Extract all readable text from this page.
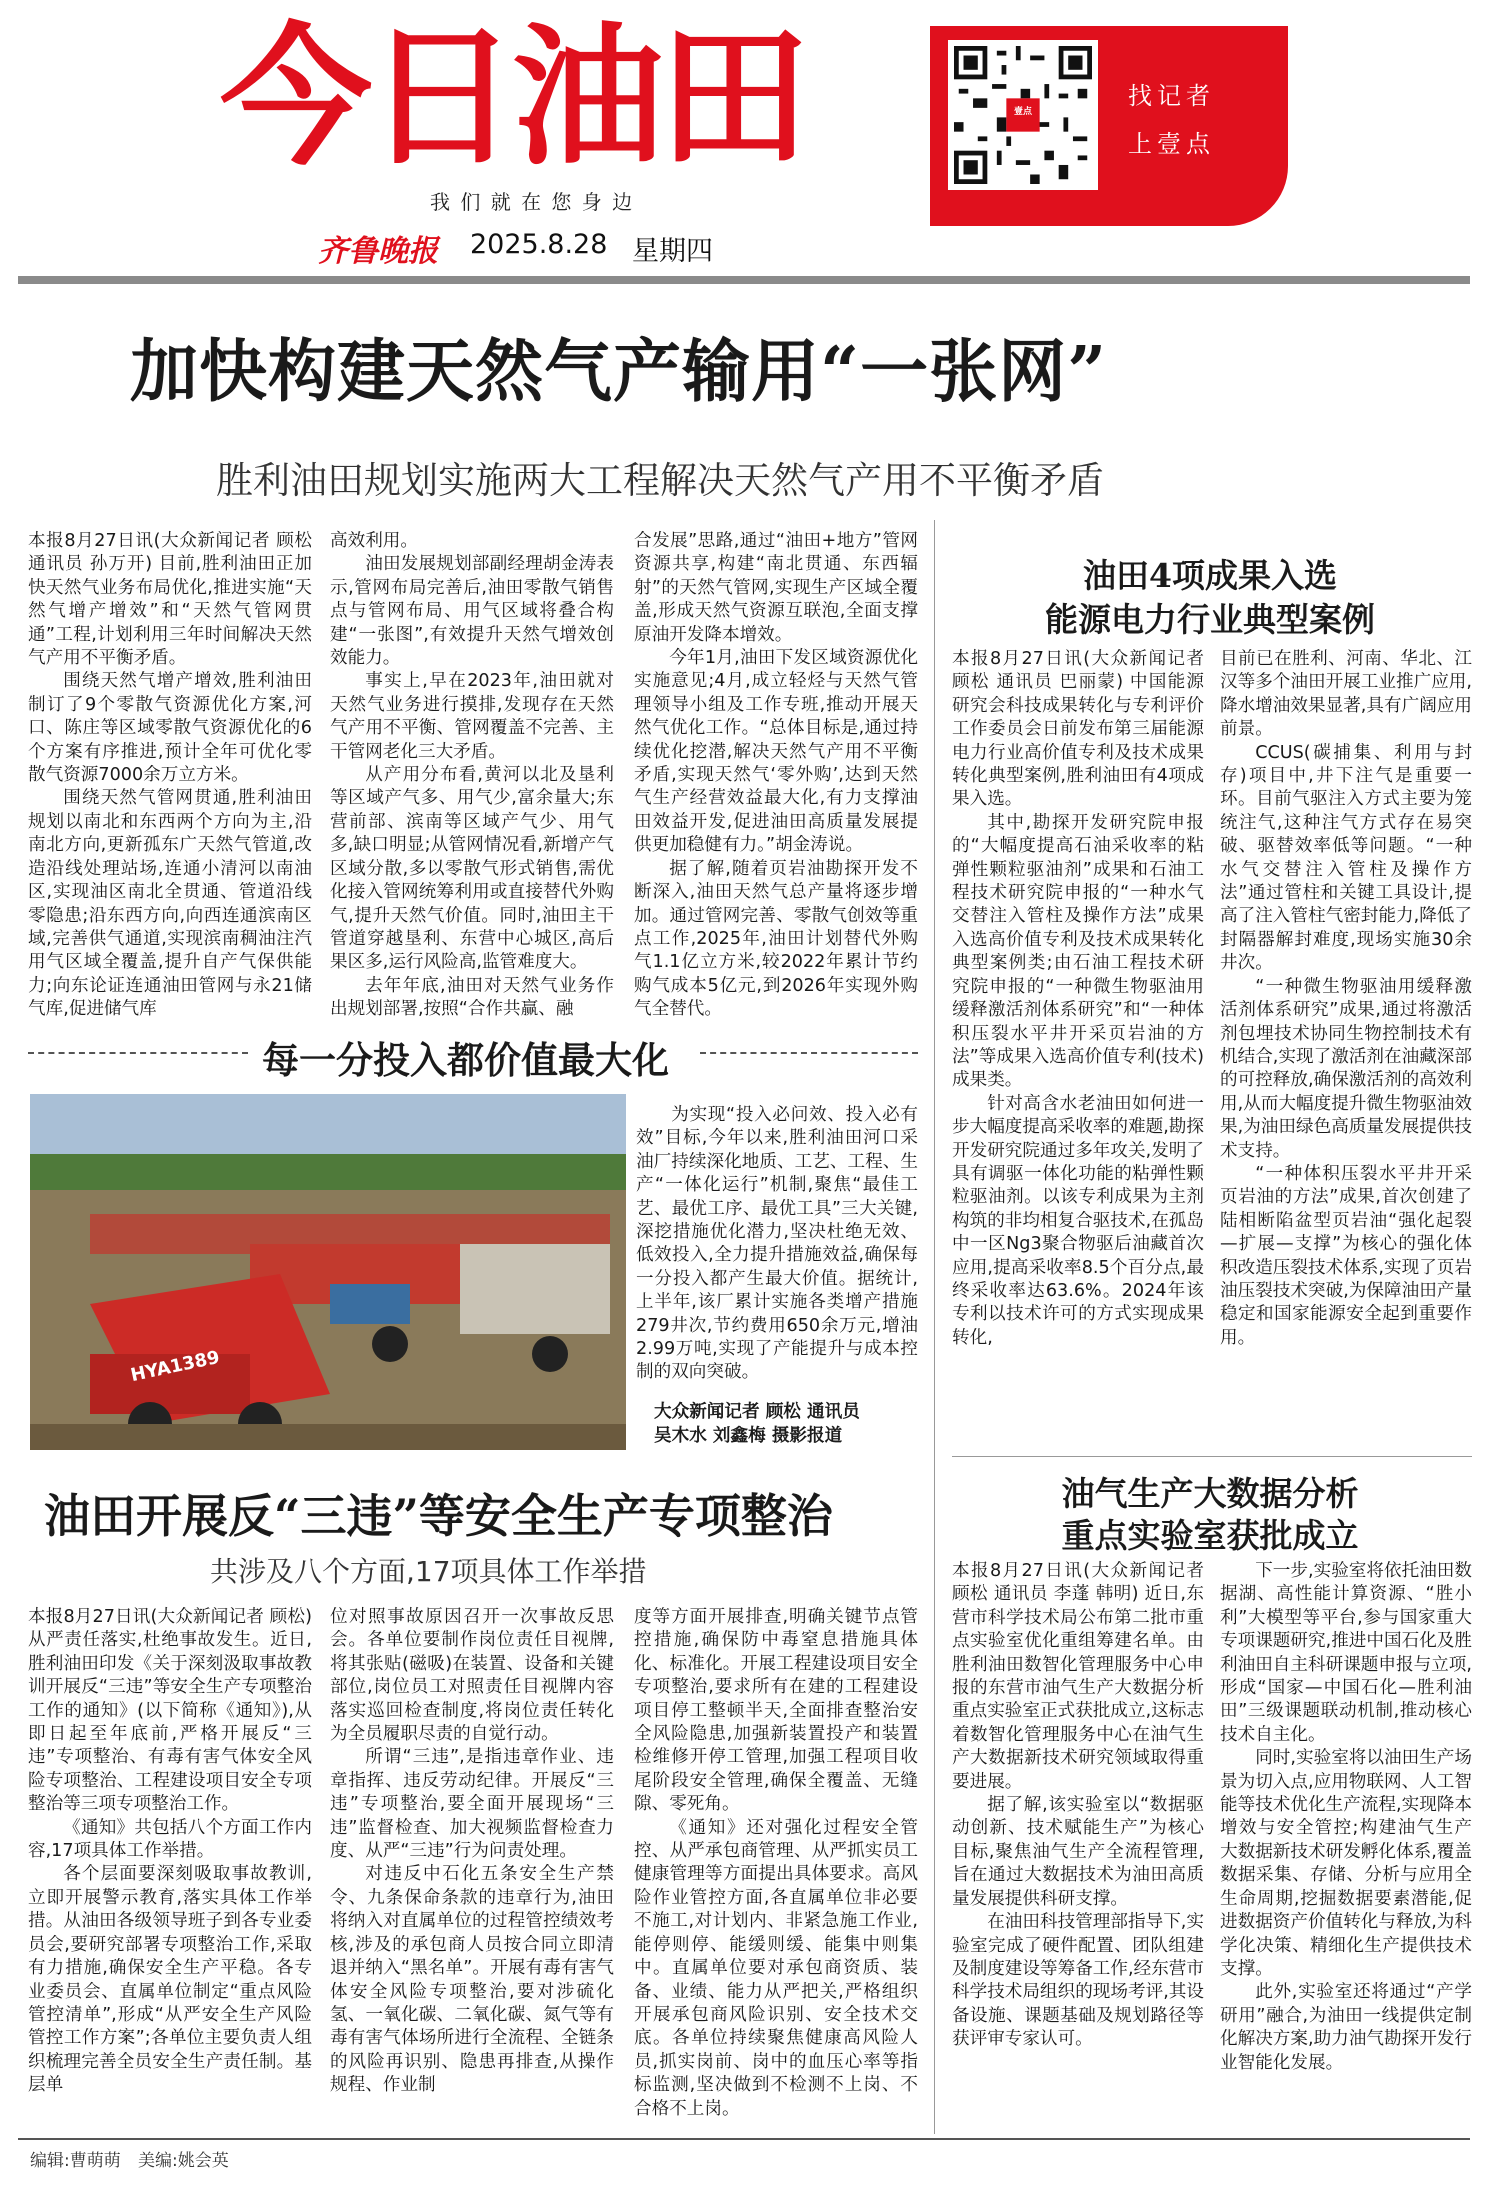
今日油田
我 们 就 在 您 身 边
齐鲁晚报 2025.8.28 星期四
壹点
找记者
上壹点
加快构建天然气产输用“一张网”
胜利油田规划实施两大工程解决天然气产用不平衡矛盾

本报8月27日讯(大众新闻记者 顾松 通讯员 孙万开) 目前,胜利油田正加快天然气业务布局优化,推进实施“天然气增产增效”和“天然气管网贯通”工程,计划利用三年时间解决天然气产用不平衡矛盾。

围绕天然气增产增效,胜利油田制订了9个零散气资源优化方案,河口、陈庄等区域零散气资源优化的6个方案有序推进,预计全年可优化零散气资源7000余万立方米。

围绕天然气管网贯通,胜利油田规划以南北和东西两个方向为主,沿南北方向,更新孤东广天然气管道,改造沿线处理站场,连通小清河以南油区,实现油区南北全贯通、管道沿线零隐患;沿东西方向,向西连通滨南区域,完善供气通道,实现滨南稠油注汽用气区域全覆盖,提升自产气保供能力;向东论证连通油田管网与永21储气库,促进储气库

高效利用。

油田发展规划部副经理胡金涛表示,管网布局完善后,油田零散气销售点与管网布局、用气区域将叠合构建“一张图”,有效提升天然气增效创效能力。

事实上,早在2023年,油田就对天然气业务进行摸排,发现存在天然气产用不平衡、管网覆盖不完善、主干管网老化三大矛盾。

从产用分布看,黄河以北及垦利等区域产气多、用气少,富余量大;东营前部、滨南等区域产气少、用气多,缺口明显;从管网情况看,新增产气区域分散,多以零散气形式销售,需优化接入管网统筹利用或直接替代外购气,提升天然气价值。同时,油田主干管道穿越垦利、东营中心城区,高后果区多,运行风险高,监管难度大。

去年年底,油田对天然气业务作出规划部署,按照“合作共赢、融

合发展”思路,通过“油田+地方”管网资源共享,构建“南北贯通、东西辐射”的天然气管网,实现生产区域全覆盖,形成天然气资源互联泡,全面支撑原油开发降本增效。

今年1月,油田下发区域资源优化实施意见;4月,成立轻烃与天然气管理领导小组及工作专班,推动开展天然气优化工作。“总体目标是,通过持续优化挖潜,解决天然气产用不平衡矛盾,实现天然气‘零外购’,达到天然气生产经营效益最大化,有力支撑油田效益开发,促进油田高质量发展提供更加稳健有力。”胡金涛说。

据了解,随着页岩油勘探开发不断深入,油田天然气总产量将逐步增加。通过管网完善、零散气创效等重点工作,2025年,油田计划替代外购气1.1亿立方米,较2022年累计节约购气成本5亿元,到2026年实现外购气全替代。

每一分投入都价值最大化
HYA1389

为实现“投入必问效、投入必有效”目标,今年以来,胜利油田河口采油厂持续深化地质、工艺、工程、生产“一体化运行”机制,聚焦“最佳工艺、最优工序、最优工具”三大关键,深挖措施优化潜力,坚决杜绝无效、低效投入,全力提升措施效益,确保每一分投入都产生最大价值。据统计,上半年,该厂累计实施各类增产措施279井次,节约费用650余万元,增油2.99万吨,实现了产能提升与成本控制的双向突破。

大众新闻记者 顾松 通讯员
吴木水 刘鑫梅 摄影报道
油田开展反“三违”等安全生产专项整治
共涉及八个方面,17项具体工作举措

本报8月27日讯(大众新闻记者 顾松) 从严责任落实,杜绝事故发生。近日,胜利油田印发《关于深刻汲取事故教训开展反“三违”等安全生产专项整治工作的通知》(以下简称《通知》),从即日起至年底前,严格开展反“三违”专项整治、有毒有害气体安全风险专项整治、工程建设项目安全专项整治等三项专项整治工作。

《通知》共包括八个方面工作内容,17项具体工作举措。

各个层面要深刻吸取事故教训,立即开展警示教育,落实具体工作举措。从油田各级领导班子到各专业委员会,要研究部署专项整治工作,采取有力措施,确保安全生产平稳。各专业委员会、直属单位制定“重点风险管控清单”,形成“从严安全生产风险管控工作方案”;各单位主要负责人组织梳理完善全员安全生产责任制。基层单

位对照事故原因召开一次事故反思会。各单位要制作岗位责任目视牌,将其张贴(磁吸)在装置、设备和关键部位,岗位员工对照责任目视牌内容落实巡回检查制度,将岗位责任转化为全员履职尽责的自觉行动。

所谓“三违”,是指违章作业、违章指挥、违反劳动纪律。开展反“三违”专项整治,要全面开展现场“三违”监督检查、加大视频监督检查力度、从严“三违”行为问责处理。

对违反中石化五条安全生产禁令、九条保命条款的违章行为,油田将纳入对直属单位的过程管控绩效考核,涉及的承包商人员按合同立即清退并纳入“黑名单”。开展有毒有害气体安全风险专项整治,要对涉硫化氢、一氧化碳、二氧化碳、氮气等有毒有害气体场所进行全流程、全链条的风险再识别、隐患再排查,从操作规程、作业制

度等方面开展排查,明确关键节点管控措施,确保防中毒窒息措施具体化、标准化。开展工程建设项目安全专项整治,要求所有在建的工程建设项目停工整顿半天,全面排查整治安全风险隐患,加强新装置投产和装置检维修开停工管理,加强工程项目收尾阶段安全管理,确保全覆盖、无缝隙、零死角。

《通知》还对强化过程安全管控、从严承包商管理、从严抓实员工健康管理等方面提出具体要求。高风险作业管控方面,各直属单位非必要不施工,对计划内、非紧急施工作业,能停则停、能缓则缓、能集中则集中。直属单位要对承包商资质、装备、业绩、能力从严把关,严格组织开展承包商风险识别、安全技术交底。各单位持续聚焦健康高风险人员,抓实岗前、岗中的血压心率等指标监测,坚决做到不检测不上岗、不合格不上岗。

油田4项成果入选
能源电力行业典型案例

本报8月27日讯(大众新闻记者 顾松 通讯员 巴丽蒙) 中国能源研究会科技成果转化与专利评价工作委员会日前发布第三届能源电力行业高价值专利及技术成果转化典型案例,胜利油田有4项成果入选。

其中,勘探开发研究院申报的“大幅度提高石油采收率的粘弹性颗粒驱油剂”成果和石油工程技术研究院申报的“一种水气交替注入管柱及操作方法”成果入选高价值专利及技术成果转化典型案例类;由石油工程技术研究院申报的“一种微生物驱油用缓释激活剂体系研究”和“一种体积压裂水平井开采页岩油的方法”等成果入选高价值专利(技术)成果类。

针对高含水老油田如何进一步大幅度提高采收率的难题,勘探开发研究院通过多年攻关,发明了具有调驱一体化功能的粘弹性颗粒驱油剂。以该专利成果为主剂构筑的非均相复合驱技术,在孤岛中一区Ng3聚合物驱后油藏首次应用,提高采收率8.5个百分点,最终采收率达63.6%。2024年该专利以技术许可的方式实现成果转化,

目前已在胜利、河南、华北、江汉等多个油田开展工业推广应用,降水增油效果显著,具有广阔应用前景。

CCUS(碳捕集、利用与封存)项目中,井下注气是重要一环。目前气驱注入方式主要为笼统注气,这种注气方式存在易突破、驱替效率低等问题。“一种水气交替注入管柱及操作方法”通过管柱和关键工具设计,提高了注入管柱气密封能力,降低了封隔器解封难度,现场实施30余井次。

“一种微生物驱油用缓释激活剂体系研究”成果,通过将激活剂包埋技术协同生物控制技术有机结合,实现了激活剂在油藏深部的可控释放,确保激活剂的高效利用,从而大幅度提升微生物驱油效果,为油田绿色高质量发展提供技术支持。

“一种体积压裂水平井开采页岩油的方法”成果,首次创建了陆相断陷盆型页岩油“强化起裂—扩展—支撑”为核心的强化体积改造压裂技术体系,实现了页岩油压裂技术突破,为保障油田产量稳定和国家能源安全起到重要作用。

油气生产大数据分析
重点实验室获批成立

本报8月27日讯(大众新闻记者 顾松 通讯员 李蓬 韩明) 近日,东营市科学技术局公布第二批市重点实验室优化重组筹建名单。由胜利油田数智化管理服务中心申报的东营市油气生产大数据分析重点实验室正式获批成立,这标志着数智化管理服务中心在油气生产大数据新技术研究领域取得重要进展。

据了解,该实验室以“数据驱动创新、技术赋能生产”为核心目标,聚焦油气生产全流程管理,旨在通过大数据技术为油田高质量发展提供科研支撑。

在油田科技管理部指导下,实验室完成了硬件配置、团队组建及制度建设等筹备工作,经东营市科学技术局组织的现场考评,其设备设施、课题基础及规划路径等获评审专家认可。

下一步,实验室将依托油田数据湖、高性能计算资源、“胜小利”大模型等平台,参与国家重大专项课题研究,推进中国石化及胜利油田自主科研课题申报与立项,形成“国家—中国石化—胜利油田”三级课题联动机制,推动核心技术自主化。

同时,实验室将以油田生产场景为切入点,应用物联网、人工智能等技术优化生产流程,实现降本增效与安全管控;构建油气生产大数据新技术研发孵化体系,覆盖数据采集、存储、分析与应用全生命周期,挖掘数据要素潜能,促进数据资产价值转化与释放,为科学化决策、精细化生产提供技术支撑。

此外,实验室还将通过“产学研用”融合,为油田一线提供定制化解决方案,助力油气勘探开发行业智能化发展。

编辑:曹萌萌 美编:姚会英
